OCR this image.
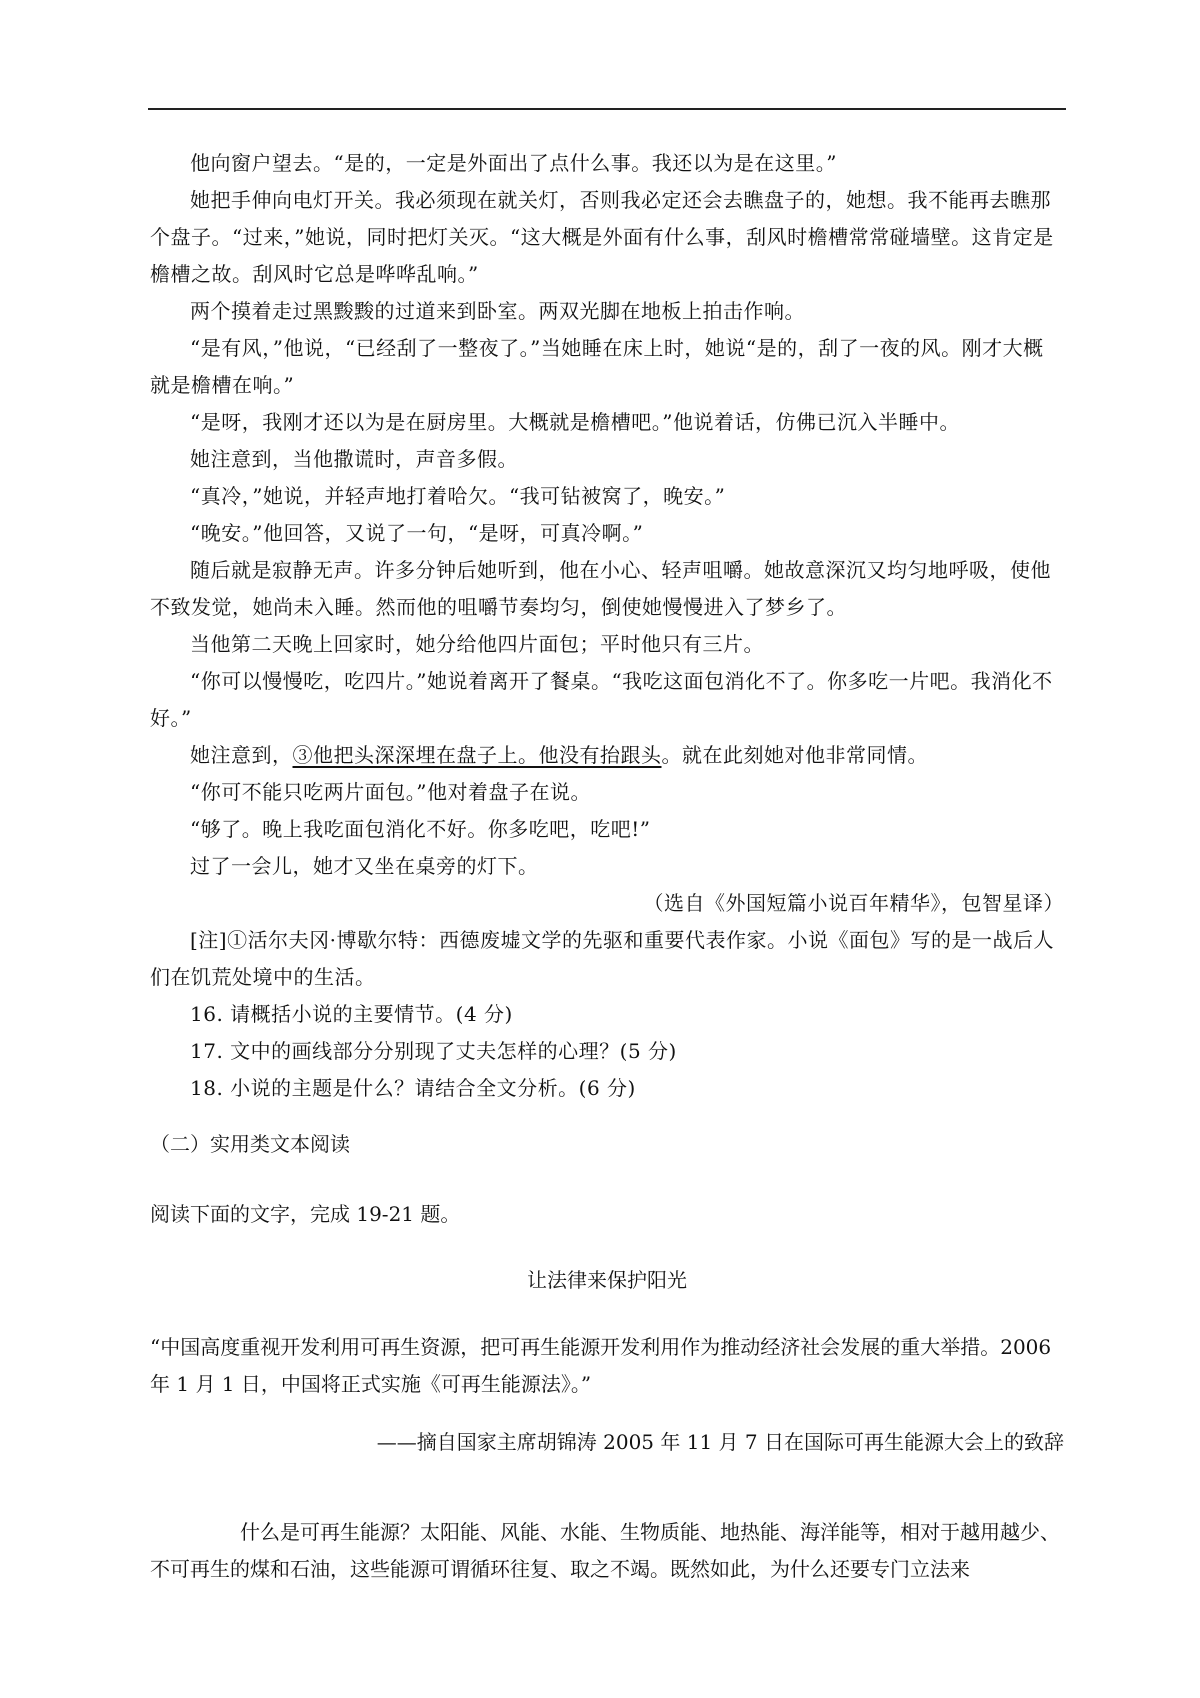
他向窗户望去。“是的，一定是外面出了点什么事。我还以为是在这里。”

她把手伸向电灯开关。我必须现在就关灯，否则我必定还会去瞧盘子的，她想。我不能再去瞧那个盘子。“过来，”她说，同时把灯关灭。“这大概是外面有什么事，刮风时檐槽常常碰墙壁。这肯定是檐槽之故。刮风时它总是哗哗乱响。”

两个摸着走过黑黢黢的过道来到卧室。两双光脚在地板上拍击作响。

“是有风，”他说，“已经刮了一整夜了。”当她睡在床上时，她说“是的，刮了一夜的风。刚才大概就是檐槽在响。”

“是呀，我刚才还以为是在厨房里。大概就是檐槽吧。”他说着话，仿佛已沉入半睡中。

她注意到，当他撒谎时，声音多假。

“真冷，”她说，并轻声地打着哈欠。“我可钻被窝了，晚安。”

“晚安。”他回答，又说了一句，“是呀，可真冷啊。”

随后就是寂静无声。许多分钟后她听到，他在小心、轻声咀嚼。她故意深沉又均匀地呼吸，使他不致发觉，她尚未入睡。然而他的咀嚼节奏均匀，倒使她慢慢进入了梦乡了。

当他第二天晚上回家时，她分给他四片面包；平时他只有三片。

“你可以慢慢吃，吃四片。”她说着离开了餐桌。“我吃这面包消化不了。你多吃一片吧。我消化不好。”

她注意到，③他把头深深埋在盘子上。他没有抬跟头。就在此刻她对他非常同情。

“你可不能只吃两片面包。”他对着盘子在说。

“够了。晚上我吃面包消化不好。你多吃吧，吃吧!”

过了一会儿，她才又坐在桌旁的灯下。

（选自《外国短篇小说百年精华》，包智星译）

[注]①活尔夫冈·博歇尔特：西德废墟文学的先驱和重要代表作家。小说《面包》写的是一战后人们在饥荒处境中的生活。

16. 请概括小说的主要情节。(4 分)

17. 文中的画线部分分别现了丈夫怎样的心理？(5 分)

18. 小说的主题是什么？请结合全文分析。(6 分)

（二）实用类文本阅读

阅读下面的文字，完成 19-21 题。

让法律来保护阳光

“中国高度重视开发利用可再生资源，把可再生能源开发利用作为推动经济社会发展的重大举措。2006 年 1 月 1 日，中国将正式实施《可再生能源法》。”

——摘自国家主席胡锦涛 2005 年 11 月 7 日在国际可再生能源大会上的致辞

什么是可再生能源？太阳能、风能、水能、生物质能、地热能、海洋能等，相对于越用越少、不可再生的煤和石油，这些能源可谓循环往复、取之不竭。既然如此，为什么还要专门立法来
